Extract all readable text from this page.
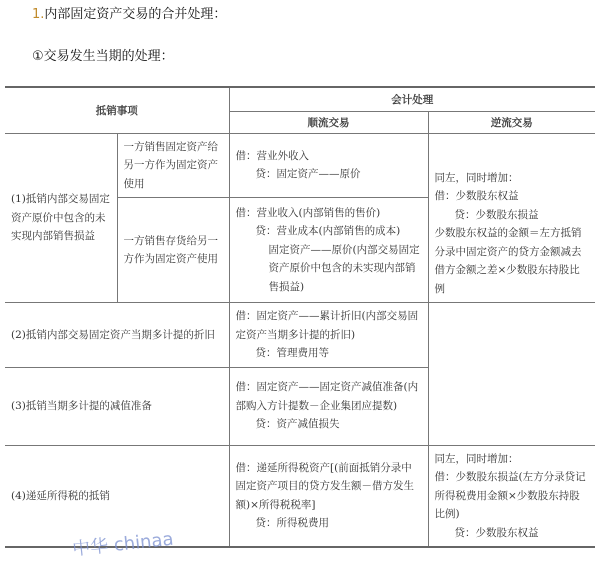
1.内部固定资产交易的合并处理：
①交易发生当期的处理：
抵销事项		会计处理	
		顺流交易	逆流交易
(1)抵销内部交易固定资产原价中包含的未实现内部销售损益	一方销售固定资产给另一方作为固定资产使用	借：营业外收入
贷：固定资产——原价	同左，同时增加：
借：少数股东权益
贷：少数股东损益
少数股东权益的金额＝左方抵销分录中固定资产的贷方金额减去借方金额之差×少数股东持股比例

	一方销售存货给另一方作为固定资产使用	借：营业收入(内部销售的售价)
贷：营业成本(内部销售的成本)
固定资产——原价(内部交易固定资产原价中包含的未实现内部销售损益)	

(2)抵销内部交易固定资产当期多计提的折旧		借：固定资产——累计折旧(内部交易固定资产当期多计提的折旧)
贷：管理费用等	

(3)抵销当期多计提的减值准备		借：固定资产——固定资产减值准备(内部购入方计提数－企业集团应提数)
贷：资产减值损失	

(4)递延所得税的抵销		借：递延所得税资产[(前面抵销分录中固定资产项目的贷方发生额－借方发生额)×所得税税率]
贷：所得税费用	同左，同时增加：
借：少数股东损益(左方分录贷记所得税费用金额×少数股东持股比例)
贷：少数股东权益
中华 chinaa
